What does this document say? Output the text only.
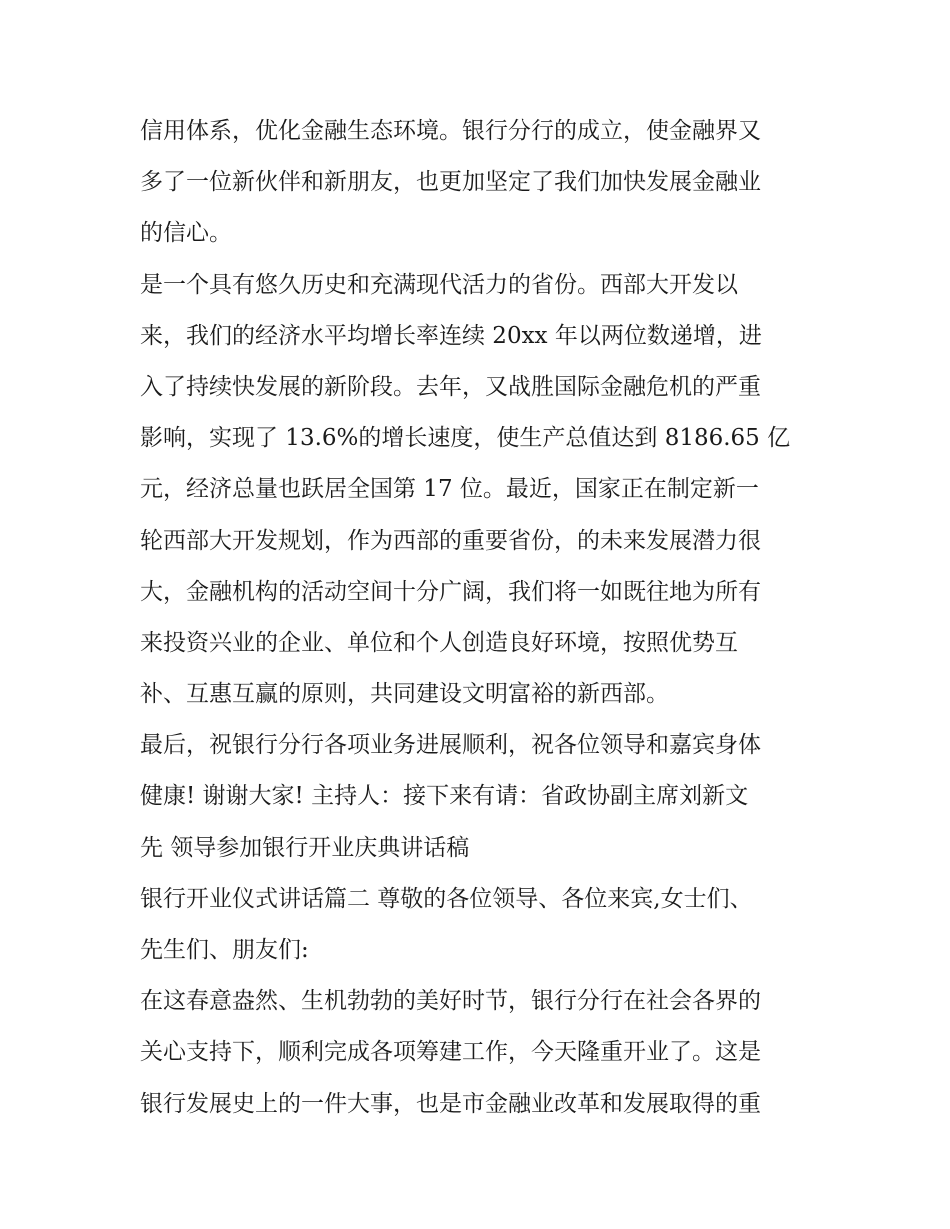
信用体系，优化金融生态环境。银行分行的成立，使金融界又
多了一位新伙伴和新朋友，也更加坚定了我们加快发展金融业
的信心。
是一个具有悠久历史和充满现代活力的省份。西部大开发以
来，我们的经济水平均增长率连续 20xx 年以两位数递增，进
入了持续快发展的新阶段。去年，又战胜国际金融危机的严重
影响，实现了 13.6%的增长速度，使生产总值达到 8186.65 亿
元，经济总量也跃居全国第 17 位。最近，国家正在制定新一
轮西部大开发规划，作为西部的重要省份，的未来发展潜力很
大，金融机构的活动空间十分广阔，我们将一如既往地为所有
来投资兴业的企业、单位和个人创造良好环境，按照优势互
补、互惠互赢的原则，共同建设文明富裕的新西部。
最后，祝银行分行各项业务进展顺利，祝各位领导和嘉宾身体
健康! 谢谢大家! 主持人：接下来有请：省政协副主席刘新文
先 领导参加银行开业庆典讲话稿
银行开业仪式讲话篇二 尊敬的各位领导、各位来宾,女士们、
先生们、朋友们:
在这春意盎然、生机勃勃的美好时节，银行分行在社会各界的
关心支持下，顺利完成各项筹建工作，今天隆重开业了。这是
银行发展史上的一件大事，也是市金融业改革和发展取得的重
